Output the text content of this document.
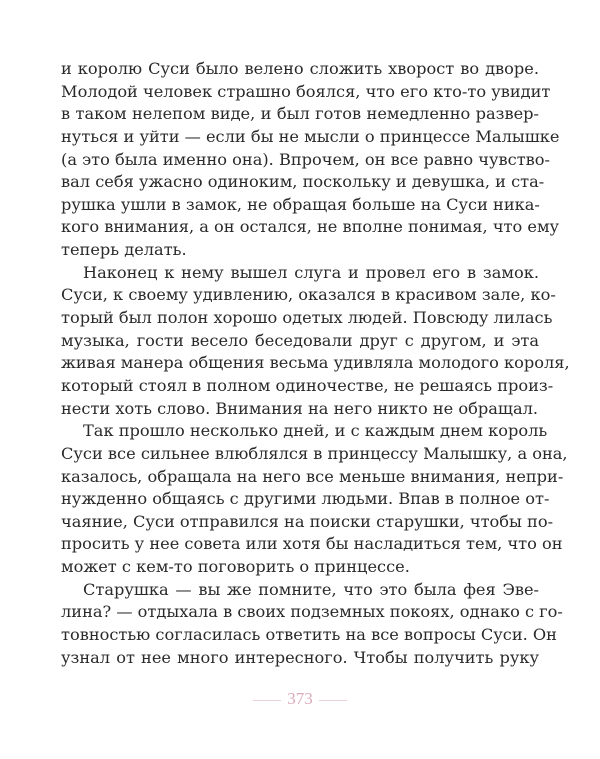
и королю Суси было велено сложить хворост во дворе.
Молодой человек страшно боялся, что его кто-то увидит
в таком нелепом виде, и был готов немедленно развер-
нуться и уйти — если бы не мысли о принцессе Малышке
(а это была именно она). Впрочем, он все равно чувство-
вал себя ужасно одиноким, поскольку и девушка, и ста-
рушка ушли в замок, не обращая больше на Суси ника-
кого внимания, а он остался, не вполне понимая, что ему
теперь делать.
Наконец к нему вышел слуга и провел его в замок.
Суси, к своему удивлению, оказался в красивом зале, ко-
торый был полон хорошо одетых людей. Повсюду лилась
музыка, гости весело беседовали друг с другом, и эта
живая манера общения весьма удивляла молодого короля,
который стоял в полном одиночестве, не решаясь произ-
нести хоть слово. Внимания на него никто не обращал.
Так прошло несколько дней, и с каждым днем король
Суси все сильнее влюблялся в принцессу Малышку, а она,
казалось, обращала на него все меньше внимания, непри-
нужденно общаясь с другими людьми. Впав в полное от-
чаяние, Суси отправился на поиски старушки, чтобы по-
просить у нее совета или хотя бы насладиться тем, что он
может с кем-то поговорить о принцессе.
Старушка — вы же помните, что это была фея Эве-
лина? — отдыхала в своих подземных покоях, однако с го-
товностью согласилась ответить на все вопросы Суси. Он
узнал от нее много интересного. Чтобы получить руку
373
